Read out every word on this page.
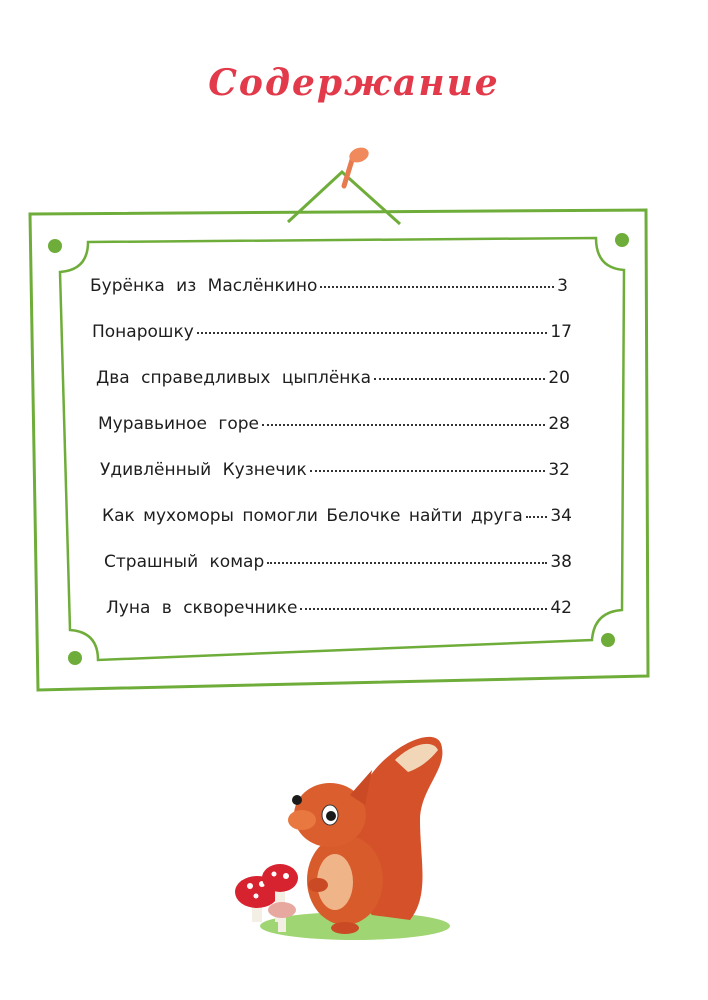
Содержание
Бурёнка из Маслёнкино	3
Понарошку	17
Два справедливых цыплёнка	20
Муравьиное горе	28
Удивлённый Кузнечик	32
Как мухоморы помогли Белочке найти друга 34
Страшный комар	38
Луна в скворечнике	42
